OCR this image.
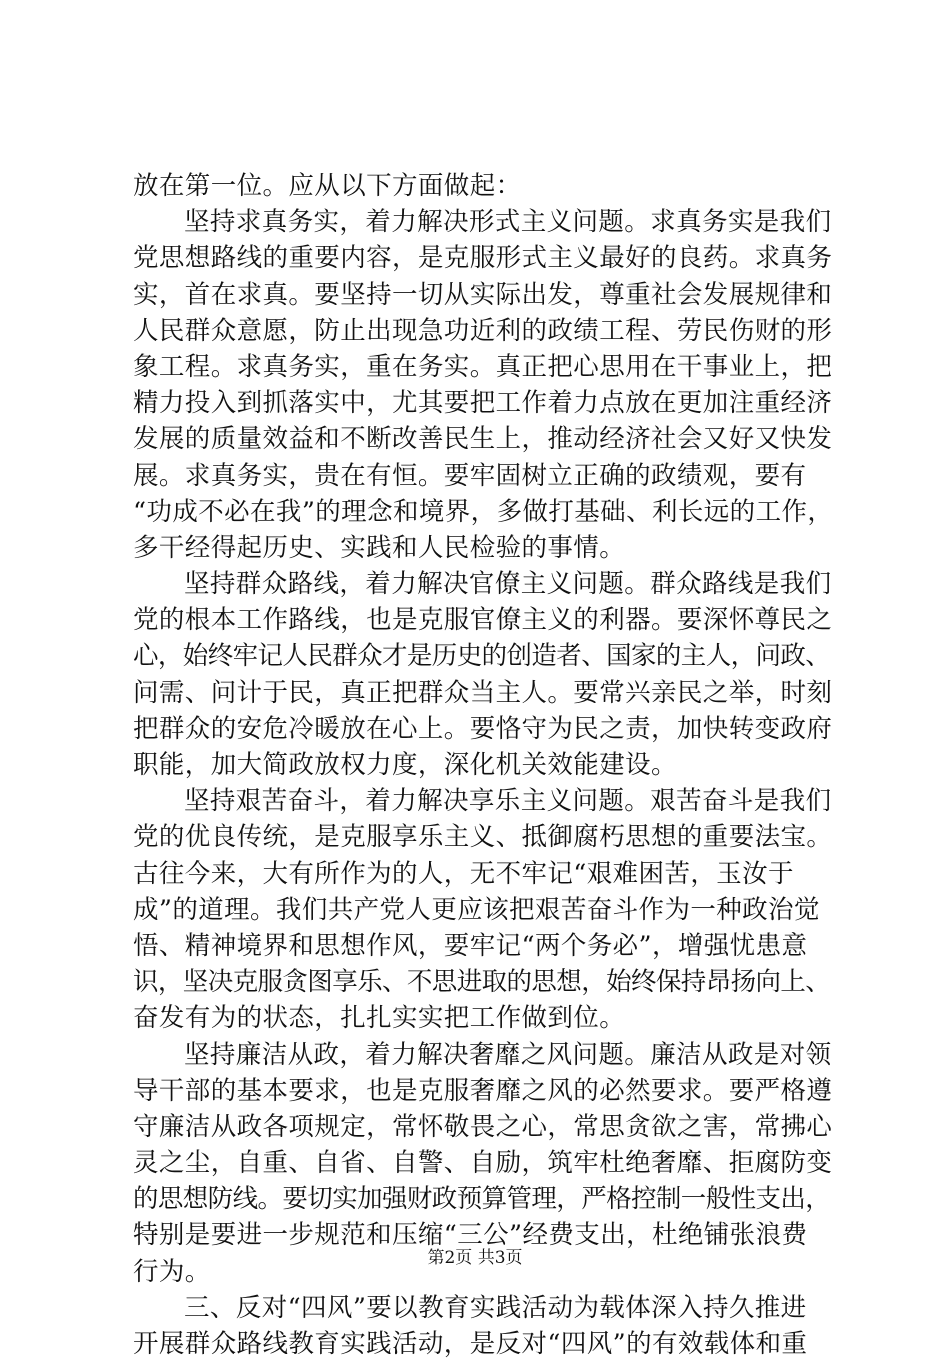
放在第一位。应从以下方面做起：
坚持求真务实，着力解决形式主义问题。求真务实是我们
党思想路线的重要内容，是克服形式主义最好的良药。求真务
实，首在求真。要坚持一切从实际出发，尊重社会发展规律和
人民群众意愿，防止出现急功近利的政绩工程、劳民伤财的形
象工程。求真务实，重在务实。真正把心思用在干事业上，把
精力投入到抓落实中，尤其要把工作着力点放在更加注重经济
发展的质量效益和不断改善民生上，推动经济社会又好又快发
展。求真务实，贵在有恒。要牢固树立正确的政绩观，要有
“功成不必在我”的理念和境界，多做打基础、利长远的工作，
多干经得起历史、实践和人民检验的事情。
坚持群众路线，着力解决官僚主义问题。群众路线是我们
党的根本工作路线，也是克服官僚主义的利器。要深怀尊民之
心，始终牢记人民群众才是历史的创造者、国家的主人，问政、
问需、问计于民，真正把群众当主人。要常兴亲民之举，时刻
把群众的安危冷暖放在心上。要恪守为民之责，加快转变政府
职能，加大简政放权力度，深化机关效能建设。
坚持艰苦奋斗，着力解决享乐主义问题。艰苦奋斗是我们
党的优良传统，是克服享乐主义、抵御腐朽思想的重要法宝。
古往今来，大有所作为的人，无不牢记“艰难困苦，玉汝于
成”的道理。我们共产党人更应该把艰苦奋斗作为一种政治觉
悟、精神境界和思想作风，要牢记“两个务必”，增强忧患意
识，坚决克服贪图享乐、不思进取的思想，始终保持昂扬向上、
奋发有为的状态，扎扎实实把工作做到位。
坚持廉洁从政，着力解决奢靡之风问题。廉洁从政是对领
导干部的基本要求，也是克服奢靡之风的必然要求。要严格遵
守廉洁从政各项规定，常怀敬畏之心，常思贪欲之害，常拂心
灵之尘，自重、自省、自警、自励，筑牢杜绝奢靡、拒腐防变
的思想防线。要切实加强财政预算管理，严格控制一般性支出，
特别是要进一步规范和压缩“三公”经费支出，杜绝铺张浪费
行为。
三、反对“四风”要以教育实践活动为载体深入持久推进
开展群众路线教育实践活动，是反对“四风”的有效载体和重
第2页 共3页
